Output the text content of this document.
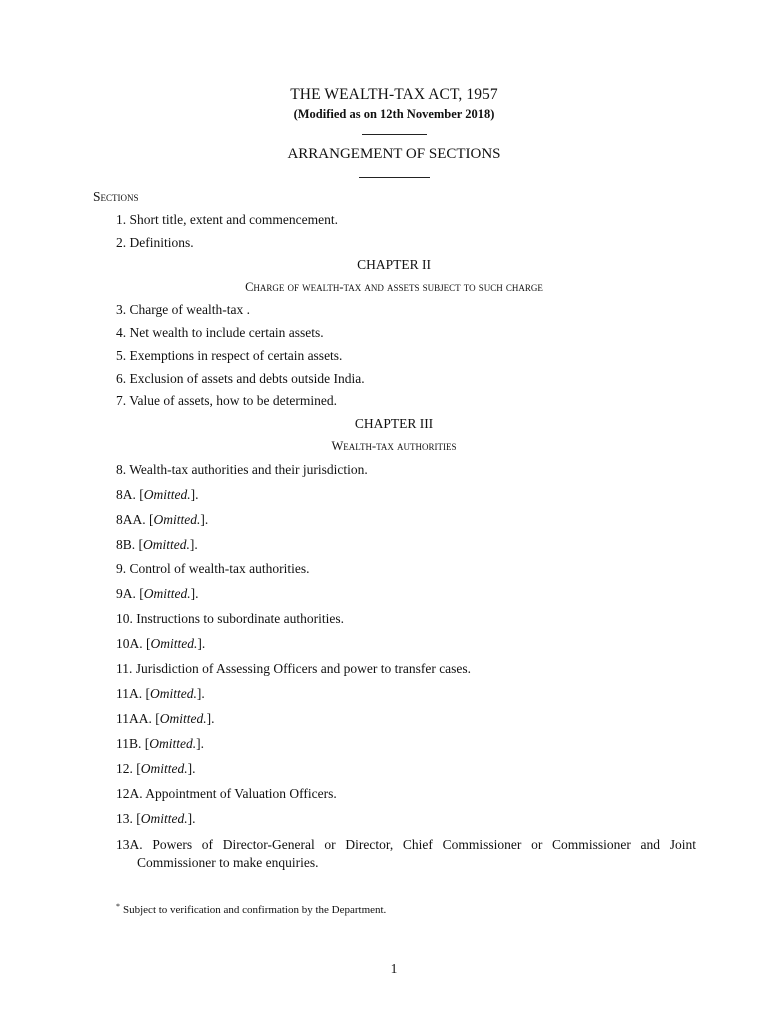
THE WEALTH-TAX ACT, 1957
(Modified as on 12th November 2018)
ARRANGEMENT OF SECTIONS
Sections
1. Short title, extent and commencement.
2. Definitions.
CHAPTER II
Charge of wealth-tax and assets subject to such charge
3. Charge of wealth-tax .
4. Net wealth to include certain assets.
5. Exemptions in respect of certain assets.
6. Exclusion of assets and debts outside India.
7. Value of assets, how to be determined.
CHAPTER III
Wealth-tax authorities
8. Wealth-tax authorities and their jurisdiction.
8A. [Omitted.].
8AA. [Omitted.].
8B. [Omitted.].
9. Control of wealth-tax authorities.
9A. [Omitted.].
10. Instructions to subordinate authorities.
10A. [Omitted.].
11. Jurisdiction of Assessing Officers and power to transfer cases.
11A. [Omitted.].
11AA. [Omitted.].
11B. [Omitted.].
12. [Omitted.].
12A. Appointment of Valuation Officers.
13. [Omitted.].
13A. Powers of Director-General or Director, Chief Commissioner or Commissioner and Joint
Commissioner to make enquiries.
* Subject to verification and confirmation by the Department.
1
